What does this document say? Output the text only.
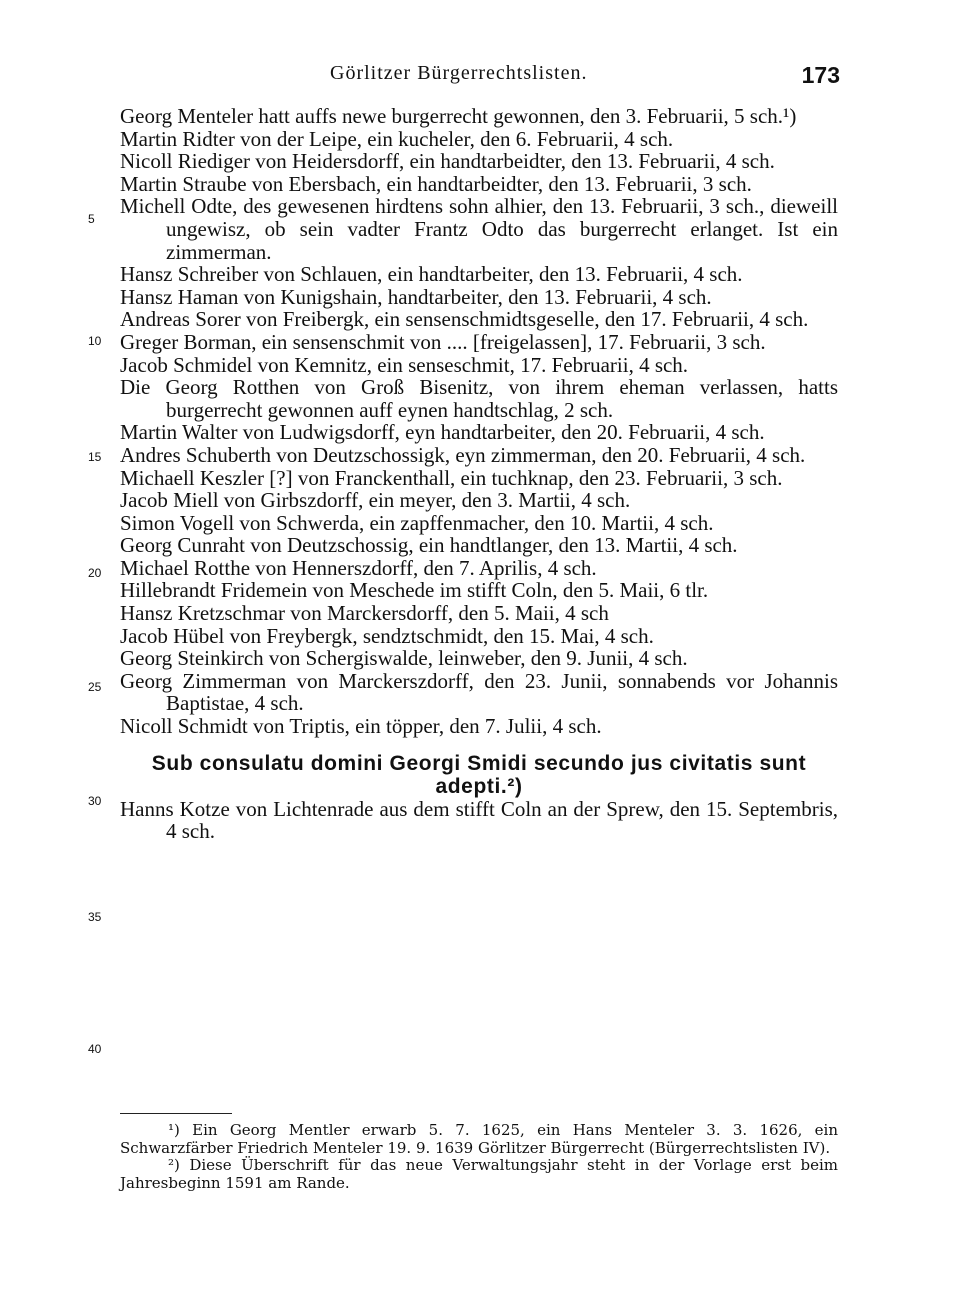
Görlitzer Bürgerrechtslisten.	173
5
10
15
20
25
30
35
40

Georg Menteler hatt auffs newe burgerrecht gewonnen, den 3. Februarii, 5 sch.¹)

Martin Ridter von der Leipe, ein kucheler, den 6. Februarii, 4 sch.

Nicoll Riediger von Heidersdorff, ein handtarbeidter, den 13. Februarii, 4 sch.

Martin Straube von Ebersbach, ein handtarbeidter, den 13. Februarii, 3 sch.

Michell Odte, des gewesenen hirdtens sohn alhier, den 13. Februarii, 3 sch., dieweill ungewisz, ob sein vadter Frantz Odto das burgerrecht erlanget. Ist ein zimmerman.

Hansz Schreiber von Schlauen, ein handtarbeiter, den 13. Februarii, 4 sch.

Hansz Haman von Kunigshain, handtarbeiter, den 13. Februarii, 4 sch.

Andreas Sorer von Freibergk, ein sensenschmidtsgeselle, den 17. Februarii, 4 sch.

Greger Borman, ein sensenschmit von .... [freigelassen], 17. Februarii, 3 sch.

Jacob Schmidel von Kemnitz, ein senseschmit, 17. Februarii, 4 sch.

Die Georg Rotthen von Groß Bisenitz, von ihrem eheman verlassen, hatts burgerrecht gewonnen auff eynen handtschlag, 2 sch.

Martin Walter von Ludwigsdorff, eyn handtarbeiter, den 20. Februarii, 4 sch.

Andres Schuberth von Deutzschossigk, eyn zimmerman, den 20. Februarii, 4 sch.

Michaell Keszler [?] von Franckenthall, ein tuchknap, den 23. Februarii, 3 sch.

Jacob Miell von Girbszdorff, ein meyer, den 3. Martii, 4 sch.

Simon Vogell von Schwerda, ein zapffenmacher, den 10. Martii, 4 sch.

Georg Cunraht von Deutzschossig, ein handtlanger, den 13. Martii, 4 sch.

Michael Rotthe von Hennerszdorff, den 7. Aprilis, 4 sch.

Hillebrandt Fridemein von Meschede im stifft Coln, den 5. Maii, 6 tlr.

Hansz Kretzschmar von Marckersdorff, den 5. Maii, 4 sch

Jacob Hübel von Freybergk, sendztschmidt, den 15. Mai, 4 sch.

Georg Steinkirch von Schergiswalde, leinweber, den 9. Junii, 4 sch.

Georg Zimmerman von Marckerszdorff, den 23. Junii, sonnabends vor Johannis Baptistae, 4 sch.

Nicoll Schmidt von Triptis, ein töpper, den 7. Julii, 4 sch.

Sub consulatu domini Georgi Smidi secundo jus civitatis sunt adepti.²)

Hanns Kotze von Lichtenrade aus dem stifft Coln an der Sprew, den 15. Septembris, 4 sch.

¹) Ein Georg Mentler erwarb 5. 7. 1625, ein Hans Menteler 3. 3. 1626, ein Schwarzfärber Friedrich Menteler 19. 9. 1639 Görlitzer Bürgerrecht (Bürgerrechtslisten IV).

²) Diese Überschrift für das neue Verwaltungsjahr steht in der Vorlage erst beim Jahresbeginn 1591 am Rande.
